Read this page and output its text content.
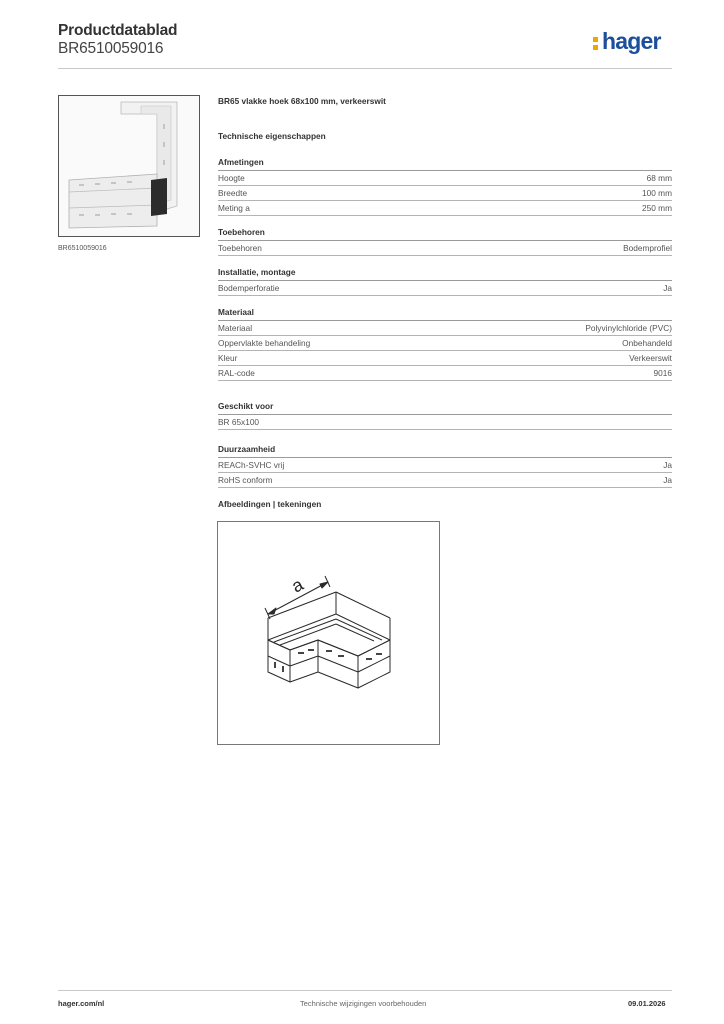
Productdatablad
BR6510059016	hager
BR6510059016
BR65 vlakke hoek 68x100 mm, verkeerswit
Technische eigenschappen
Afmetingen
Hoogte	68 mm
Breedte	100 mm
Meting a	250 mm
Toebehoren
Toebehoren	Bodemprofiel
Installatie, montage
Bodemperforatie	Ja
Materiaal
Materiaal	Polyvinylchloride (PVC)
Oppervlakte behandeling	Onbehandeld
Kleur	Verkeerswit
RAL-code	9016
Geschikt voor
BR 65x100
Duurzaamheid
REACh-SVHC vrij	Ja
RoHS conform	Ja
Afbeeldingen | tekeningen
a
hager.com/nl	Technische wijzigingen voorbehouden	09.01.2026
